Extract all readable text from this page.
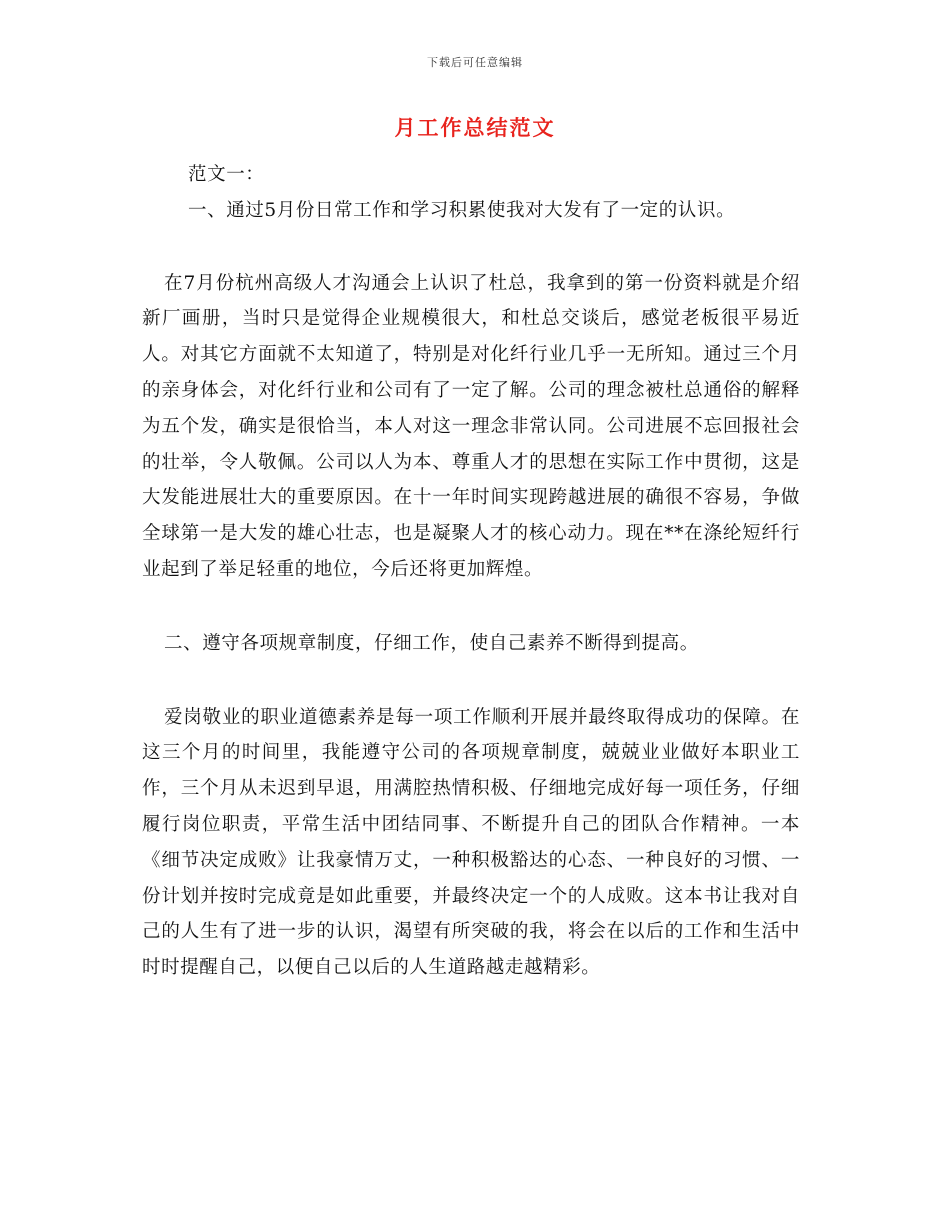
下载后可任意编辑
月工作总结范文

范文一：

一、通过5月份日常工作和学习积累使我对大发有了一定的认识。

在7月份杭州高级人才沟通会上认识了杜总，我拿到的第一份资料就是介绍新厂画册，当时只是觉得企业规模很大，和杜总交谈后，感觉老板很平易近人。对其它方面就不太知道了，特别是对化纤行业几乎一无所知。通过三个月的亲身体会，对化纤行业和公司有了一定了解。公司的理念被杜总通俗的解释为五个发，确实是很恰当，本人对这一理念非常认同。公司进展不忘回报社会的壮举，令人敬佩。公司以人为本、尊重人才的思想在实际工作中贯彻，这是大发能进展壮大的重要原因。在十一年时间实现跨越进展的确很不容易，争做全球第一是大发的雄心壮志，也是凝聚人才的核心动力。现在**在涤纶短纤行业起到了举足轻重的地位，今后还将更加辉煌。

二、遵守各项规章制度，仔细工作，使自己素养不断得到提高。

爱岗敬业的职业道德素养是每一项工作顺利开展并最终取得成功的保障。在这三个月的时间里，我能遵守公司的各项规章制度，兢兢业业做好本职业工作，三个月从未迟到早退，用满腔热情积极、仔细地完成好每一项任务，仔细履行岗位职责，平常生活中团结同事、不断提升自己的团队合作精神。一本《细节决定成败》让我豪情万丈，一种积极豁达的心态、一种良好的习惯、一份计划并按时完成竟是如此重要，并最终决定一个的人成败。这本书让我对自己的人生有了进一步的认识，渴望有所突破的我，将会在以后的工作和生活中时时提醒自己，以便自己以后的人生道路越走越精彩。
